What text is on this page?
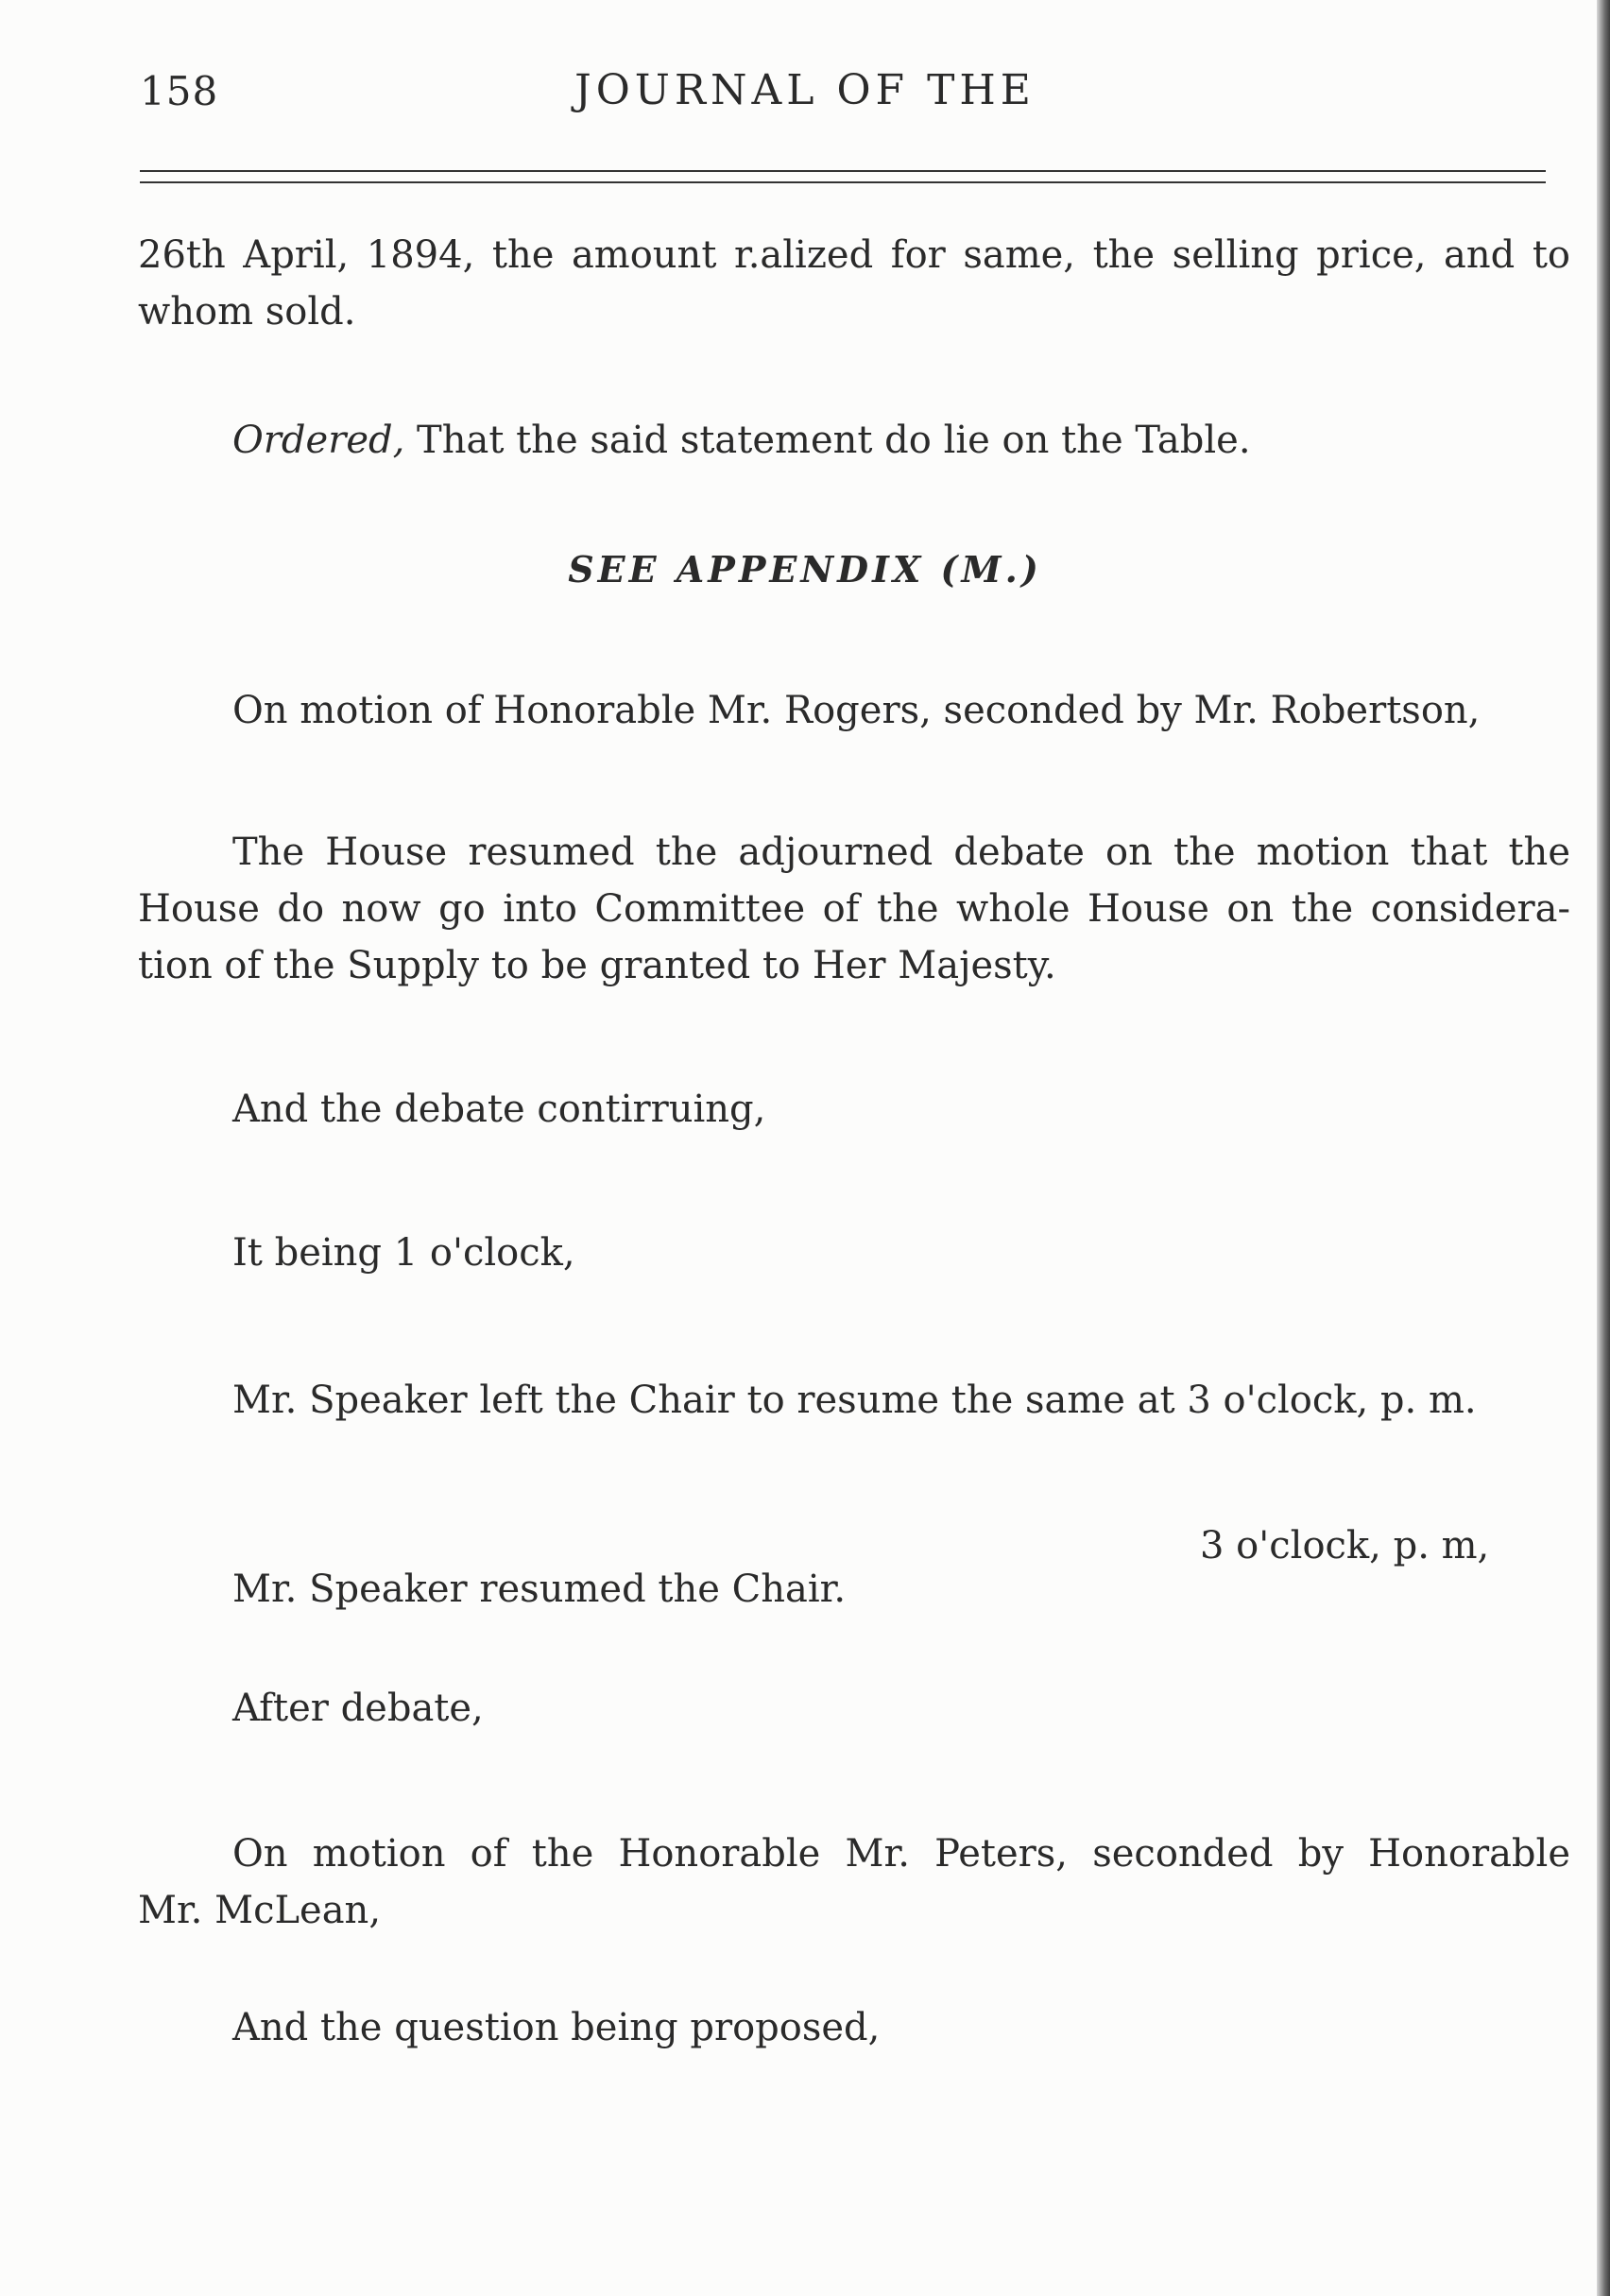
158	JOURNAL OF THE
26th April, 1894, the amount r.alized for same, the selling price, and to
whom sold.
Ordered, That the said statement do lie on the Table.
SEE APPENDIX (M.)
On motion of Honorable Mr. Rogers, seconded by Mr. Robertson,
The House resumed the adjourned debate on the motion that the
House do now go into Committee of the whole House on the considera-
tion of the Supply to be granted to Her Majesty.
And the debate contirruing,
It being 1 o'clock,
Mr. Speaker left the Chair to resume the same at 3 o'clock, p. m.
3 o'clock, p. m,
Mr. Speaker resumed the Chair.
After debate,
On motion of the Honorable Mr. Peters, seconded by Honorable
Mr. McLean,
And the question being proposed,
